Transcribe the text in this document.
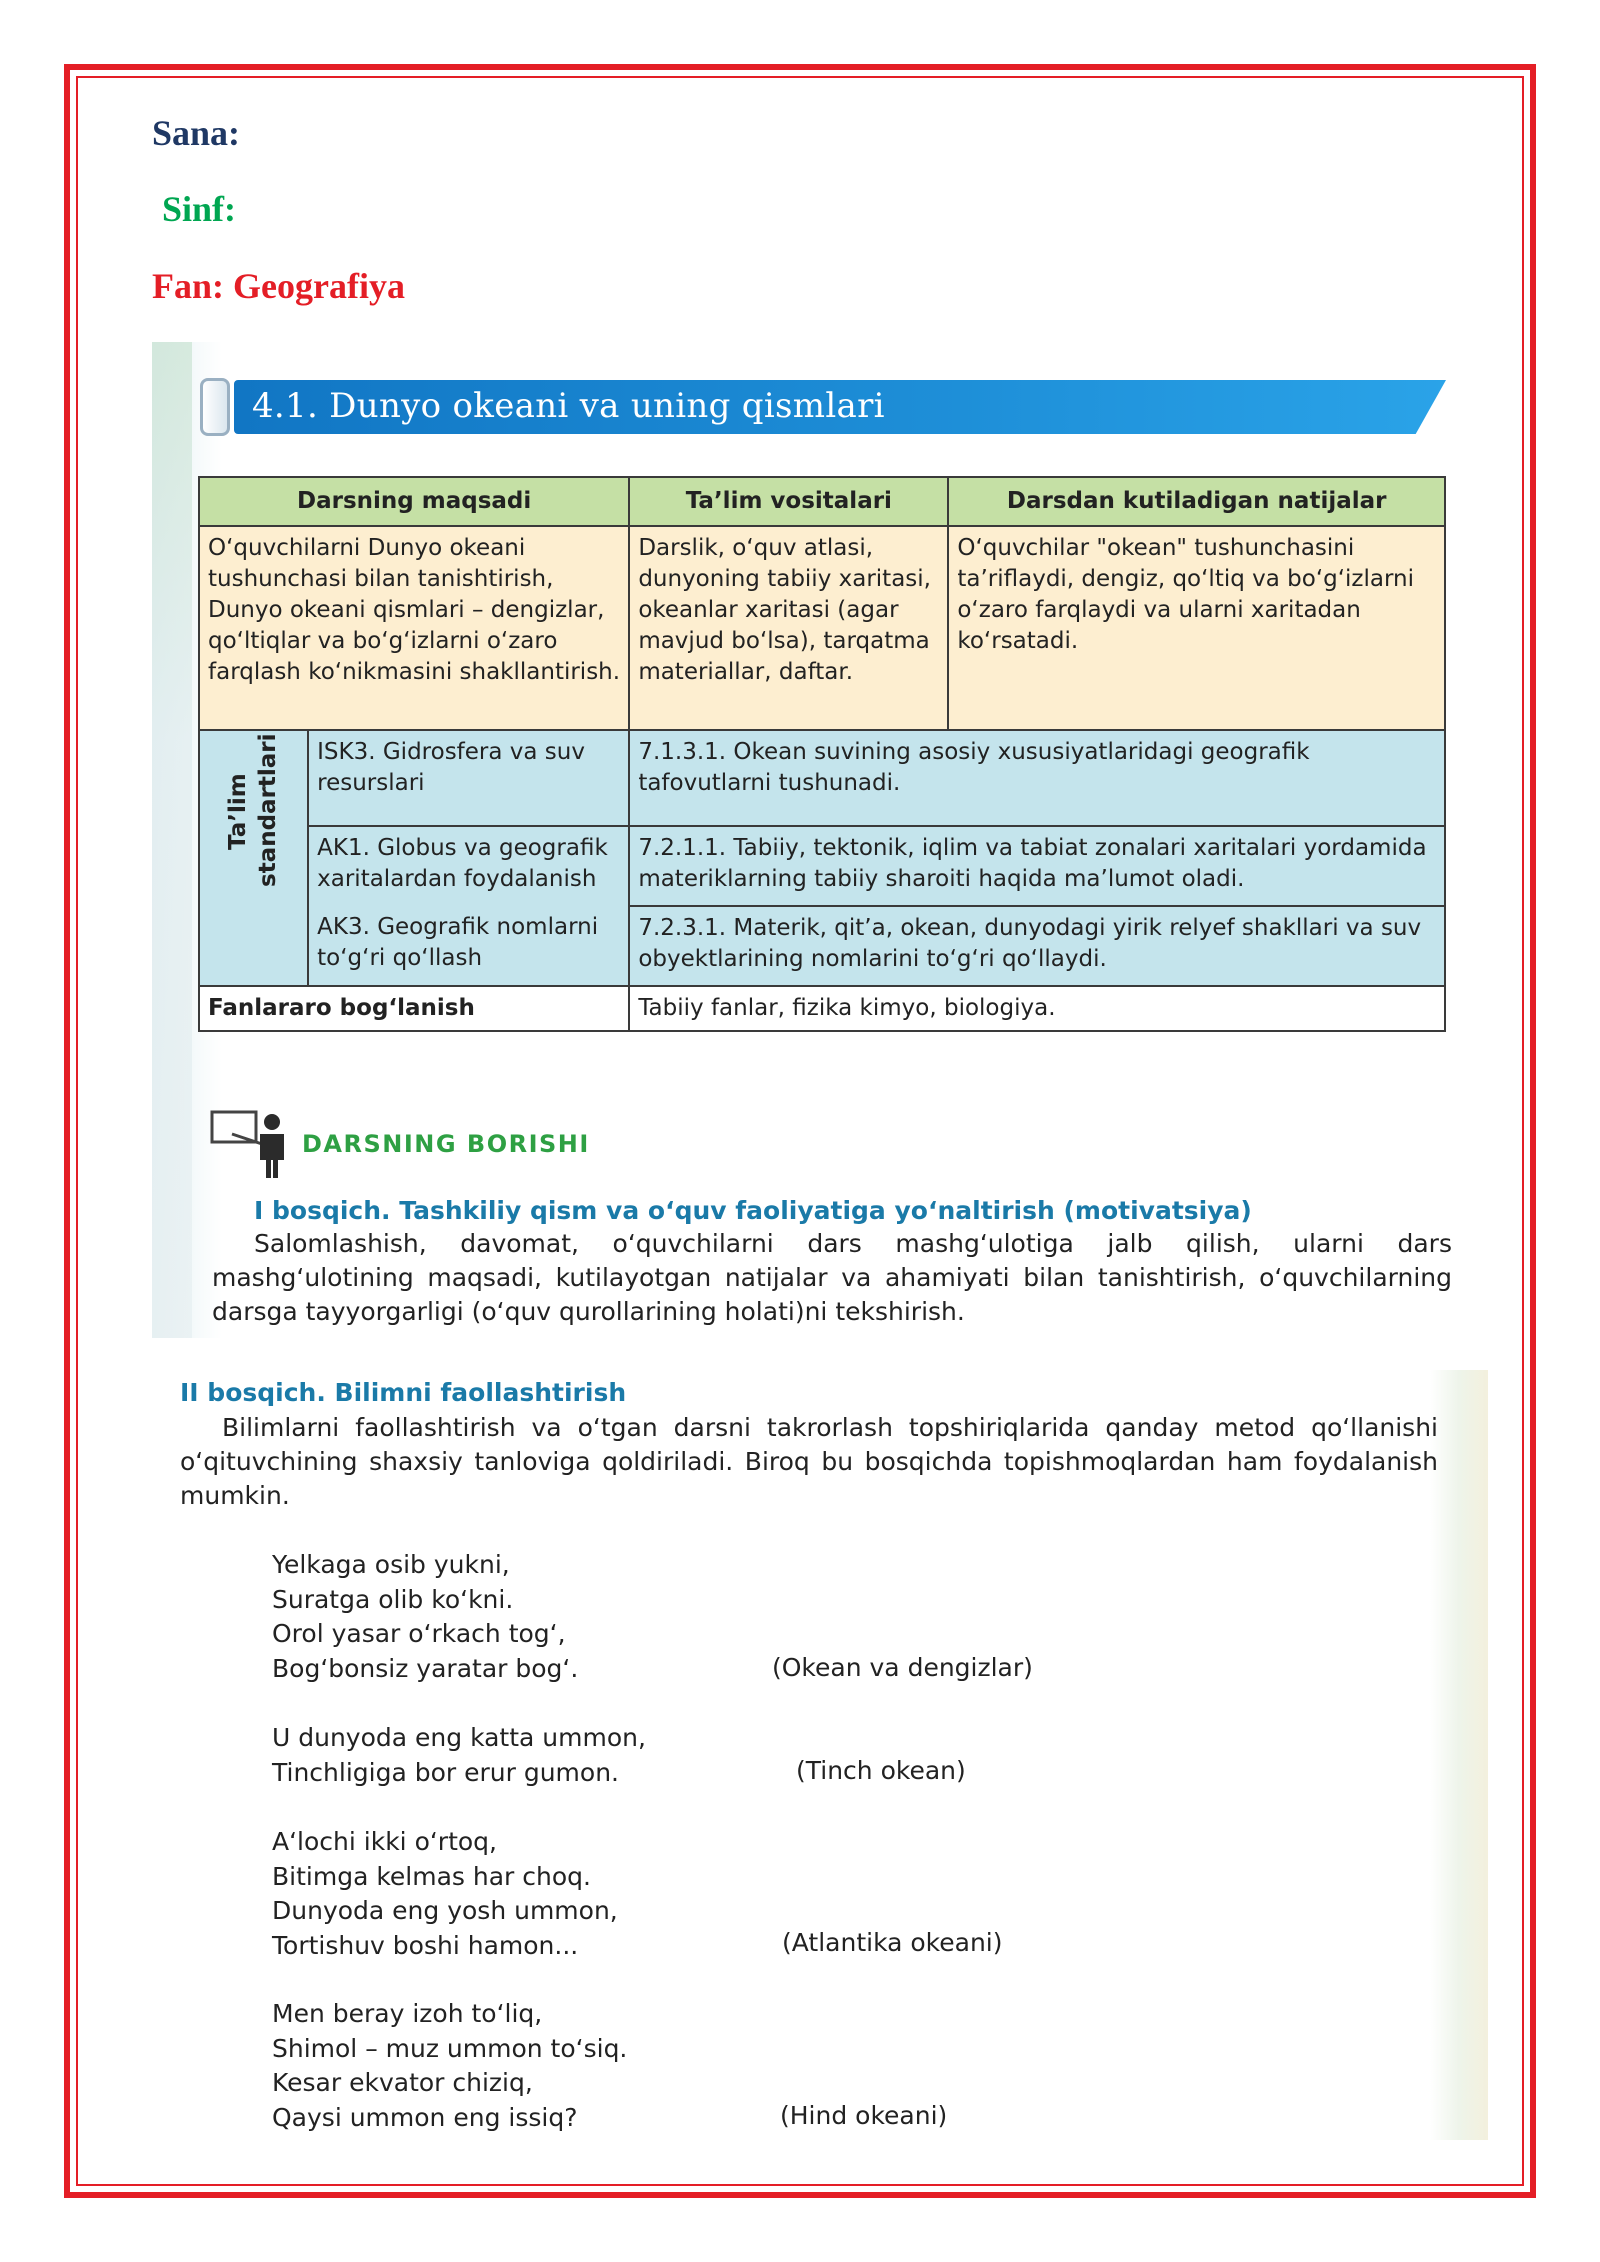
Sana:
Sinf:
Fan: Geografiya
4.1. Dunyo okeani va uning qismlari
Darsning maqsadi		Ta’lim vositalari	Darsdan kutiladigan natijalar
O‘quvchilarni Dunyo okeani tushunchasi bilan tanishtirish, Dunyo okeani qismlari – dengizlar, qo‘ltiqlar va bo‘g‘izlarni o‘zaro farqlash ko‘nikmasini shakllantirish.		Darslik, o‘quv atlasi, dunyoning tabiiy xaritasi, okeanlar xaritasi (agar mavjud bo‘lsa), tarqatma materiallar, daftar.	O‘quvchilar "okean" tushunchasini ta’riflaydi, dengiz, qo‘ltiq va bo‘g‘izlarni o‘zaro farqlaydi va ularni xaritadan ko‘rsatadi.

Ta’lim standartlari	ISK3. Gidrosfera va suv resurslari	7.1.3.1. Okean suvining asosiy xususiyatlaridagi geografik tafovutlarni tushunadi.	
	AK1. Globus va geografik xaritalardan foydalanish	7.2.1.1. Tabiiy, tektonik, iqlim va tabiat zonalari xaritalari yordamida materiklarning tabiiy sharoiti haqida ma’lumot oladi.	
	AK3. Geografik nomlarni to‘g‘ri qo‘llash	7.2.3.1. Materik, qit’a, okean, dunyodagi yirik relyef shakllari va suv obyektlarining nomlarini to‘g‘ri qo‘llaydi.	
Fanlararo bog‘lanish		Tabiiy fanlar, fizika kimyo, biologiya.	
DARSNING BORISHI
I bosqich. Tashkiliy qism va o‘quv faoliyatiga yo‘naltirish (motivatsiya)
Salomlashish, davomat, o‘quvchilarni dars mashg‘ulotiga jalb qilish, ularni dars mashg‘ulotining maqsadi, kutilayotgan natijalar va ahamiyati bilan tanishtirish, o‘quvchilarning darsga tayyorgarligi (o‘quv qurollarining holati)ni tekshirish.
II bosqich. Bilimni faollashtirish
Bilimlarni faollashtirish va o‘tgan darsni takrorlash topshiriqlarida qanday metod qo‘llanishi o‘qituvchining shaxsiy tanloviga qoldiriladi. Biroq bu bosqichda topishmoqlardan ham foydalanish mumkin.
Yelkaga osib yukni,
Suratga olib ko‘kni.
Orol yasar o‘rkach tog‘,
Bog‘bonsiz yaratar bog‘.	(Okean va dengizlar)
U dunyoda eng katta ummon,
Tinchligiga bor erur gumon.	(Tinch okean)
A‘lochi ikki o‘rtoq,
Bitimga kelmas har choq.
Dunyoda eng yosh ummon,
Tortishuv boshi hamon...	(Atlantika okeani)
Men beray izoh to‘liq,
Shimol – muz ummon to‘siq.
Kesar ekvator chiziq,
Qaysi ummon eng issiq?	(Hind okeani)
